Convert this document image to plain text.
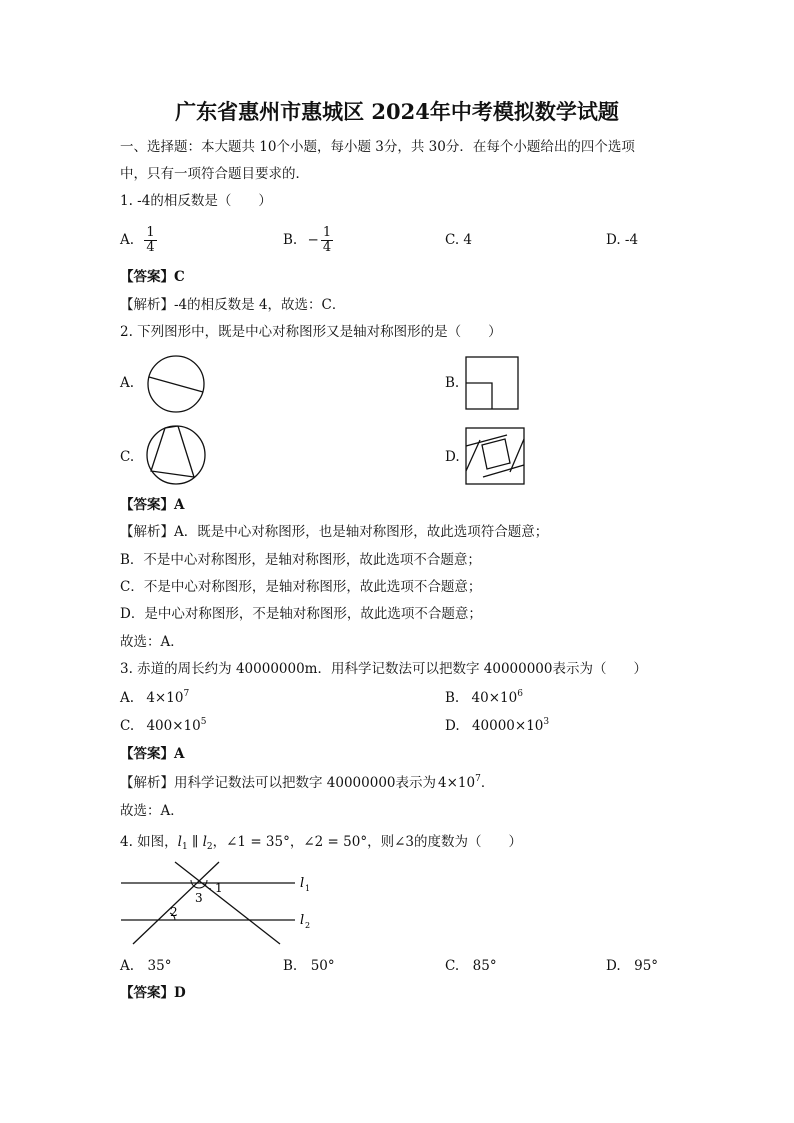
广东省惠州市惠城区 2024年中考模拟数学试题
一、选择题：本大题共 10个小题，每小题 3分，共 30分．在每个小题给出的四个选项
中，只有一项符合题目要求的．
1. -4的相反数是（　　）
A. $\frac{1}{4}$	B. − $\frac{1}{4}$	C. 4	D. -4
【答案】C
【解析】-4的相反数是 4，故选：C．
2. 下列图形中，既是中心对称图形又是轴对称图形的是（　　）
A.	B.
C.	D.
【答案】A
【解析】A．既是中心对称图形，也是轴对称图形，故此选项符合题意；
B．不是中心对称图形，是轴对称图形，故此选项不合题意；
C．不是中心对称图形，是轴对称图形，故此选项不合题意；
D．是中心对称图形，不是轴对称图形，故此选项不合题意；
故选：A．
3. 赤道的周长约为 40000000m．用科学记数法可以把数字 40000000表示为（　　）
A. $4\times 10^7$	B. $40\times 10^6$
C. $400\times 10^5$	D. $40000\times 10^3$
【答案】A
【解析】用科学记数法可以把数字 40000000表示为 $4\times 10^7$．
故选：A．
4. 如图，$l_1$ ∥ $l_2$，∠1 = 35°，∠2 = 50°，则∠3的度数为（　　）
1
2
3
l 1
l 2
A.　35°	B.　50°	C.　85°	D.　95°
【答案】D
